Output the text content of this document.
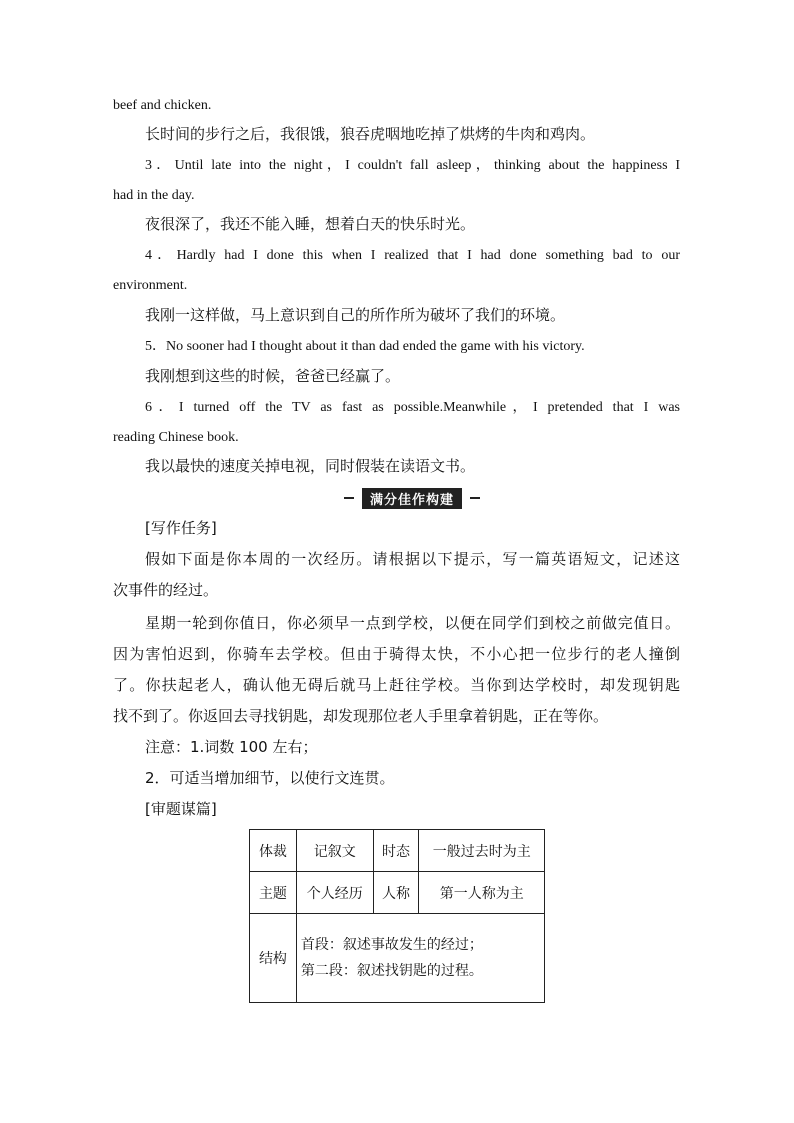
beef and chicken.
长时间的步行之后，我很饿，狼吞虎咽地吃掉了烘烤的牛肉和鸡肉。
3．Until late into the night，I couldn't fall asleep，thinking about the happiness I
had in the day.
夜很深了，我还不能入睡，想着白天的快乐时光。
4．Hardly had I done this when I realized that I had done something bad to our
environment.
我刚一这样做，马上意识到自己的所作所为破坏了我们的环境。
5．No sooner had I thought about it than dad ended the game with his victory.
我刚想到这些的时候，爸爸已经赢了。
6．I turned off the TV as fast as possible.Meanwhile，I pretended that I was
reading Chinese book.
我以最快的速度关掉电视，同时假装在读语文书。
满分佳作构建
[写作任务]
假如下面是你本周的一次经历。请根据以下提示，写一篇英语短文，记述这
次事件的经过。
星期一轮到你值日，你必须早一点到学校，以便在同学们到校之前做完值日。
因为害怕迟到，你骑车去学校。但由于骑得太快，不小心把一位步行的老人撞倒
了。你扶起老人，确认他无碍后就马上赶往学校。当你到达学校时，却发现钥匙
找不到了。你返回去寻找钥匙，却发现那位老人手里拿着钥匙，正在等你。
注意：1.词数 100 左右；
2．可适当增加细节，以使行文连贯。
[审题谋篇]
体裁	记叙文	时态	一般过去时为主
主题	个人经历	人称	第一人称为主
结构	首段：叙述事故发生的经过；
第二段：叙述找钥匙的过程。		
